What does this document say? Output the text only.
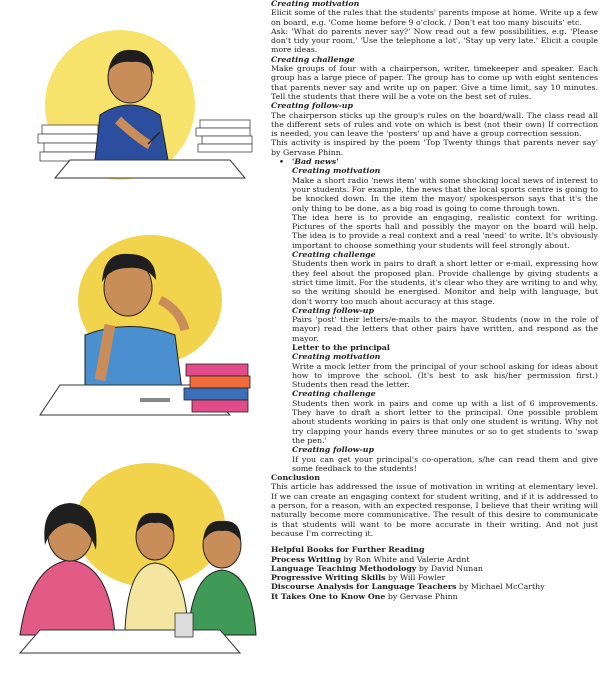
Creating motivation

Elicit some of the rules that the students' parents impose at home. Write up a few on board, e.g. 'Come home before 9 o'clock. / Don't eat too many biscuits' etc.

Ask: 'What do parents never say?' Now read out a few possibilities, e.g. 'Please don't tidy your room,' 'Use the telephone a lot', 'Stay up very late.' Elicit a couple more ideas.

Creating challenge

Make groups of four with a chairperson, writer, timekeeper and speaker. Each group has a large piece of paper. The group has to come up with eight sentences that parents never say and write up on paper. Give a time limit, say 10 minutes. Tell the students that there will be a vote on the best set of rules.

Creating follow-up

The chairperson sticks up the group's rules on the board/wall. The class read all the different sets of rules and vote on which is best (not their own) If correction is needed, you can leave the 'posters' up and have a group correction session.

This activity is inspired by the poem 'Top Twenty things that parents never say' by Gervase Phinn.

• 'Bad news'

Creating motivation

Make a short radio 'news item' with some shocking local news of interest to your students. For example, the news that the local sports centre is going to be knocked down. In the item the mayor/ spokesperson says that it's the only thing to be done, as a big road is going to come through town.

The idea here is to provide an engaging, realistic context for writing. Pictures of the sports hall and possibly the mayor on the board will help. The idea is to provide a real context and a real 'need' to write. It's obviously important to choose something your students will feel strongly about.

Creating challenge

Students then work in pairs to draft a short letter or e-mail, expressing how they feel about the proposed plan. Provide challenge by giving students a strict time limit. For the students, it's clear who they are writing to and why, so the writing should be energised. Monitor and help with language, but don't worry too much about accuracy at this stage.

Creating follow-up

Pairs 'post' their letters/e-mails to the mayor. Students (now in the role of mayor) read the letters that other pairs have written, and respond as the mayor.

Letter to the principal

Creating motivation

Write a mock letter from the principal of your school asking for ideas about how to improve the school. (It's best to ask his/her permission first.) Students then read the letter.

Creating challenge

Students then work in pairs and come up with a list of 6 improvements. They have to draft a short letter to the principal. One possible problem about students working in pairs is that only one student is writing. Why not try clapping your hands every three minutes or so to get students to 'swap the pen.'

Creating follow-up

If you can get your principal's co-operation, s/he can read them and give some feedback to the students!

Conclusion

This article has addressed the issue of motivation in writing at elementary level. If we can create an engaging context for student writing, and if it is addressed to a person, for a reason, with an expected response, I believe that their writing will naturally become more communicative. The result of this desire to communicate is that students will want to be more accurate in their writing. And not just because I'm correcting it.

Helpful Books for Further Reading

Process Writing by Ron White and Valerie Ardnt

Language Teaching Methodology by David Nunan

Progressive Writing Skills by Will Fowler

Discourse Analysis for Language Teachers by Michael McCarthy

It Takes One to Know One by Gervase Phinn
